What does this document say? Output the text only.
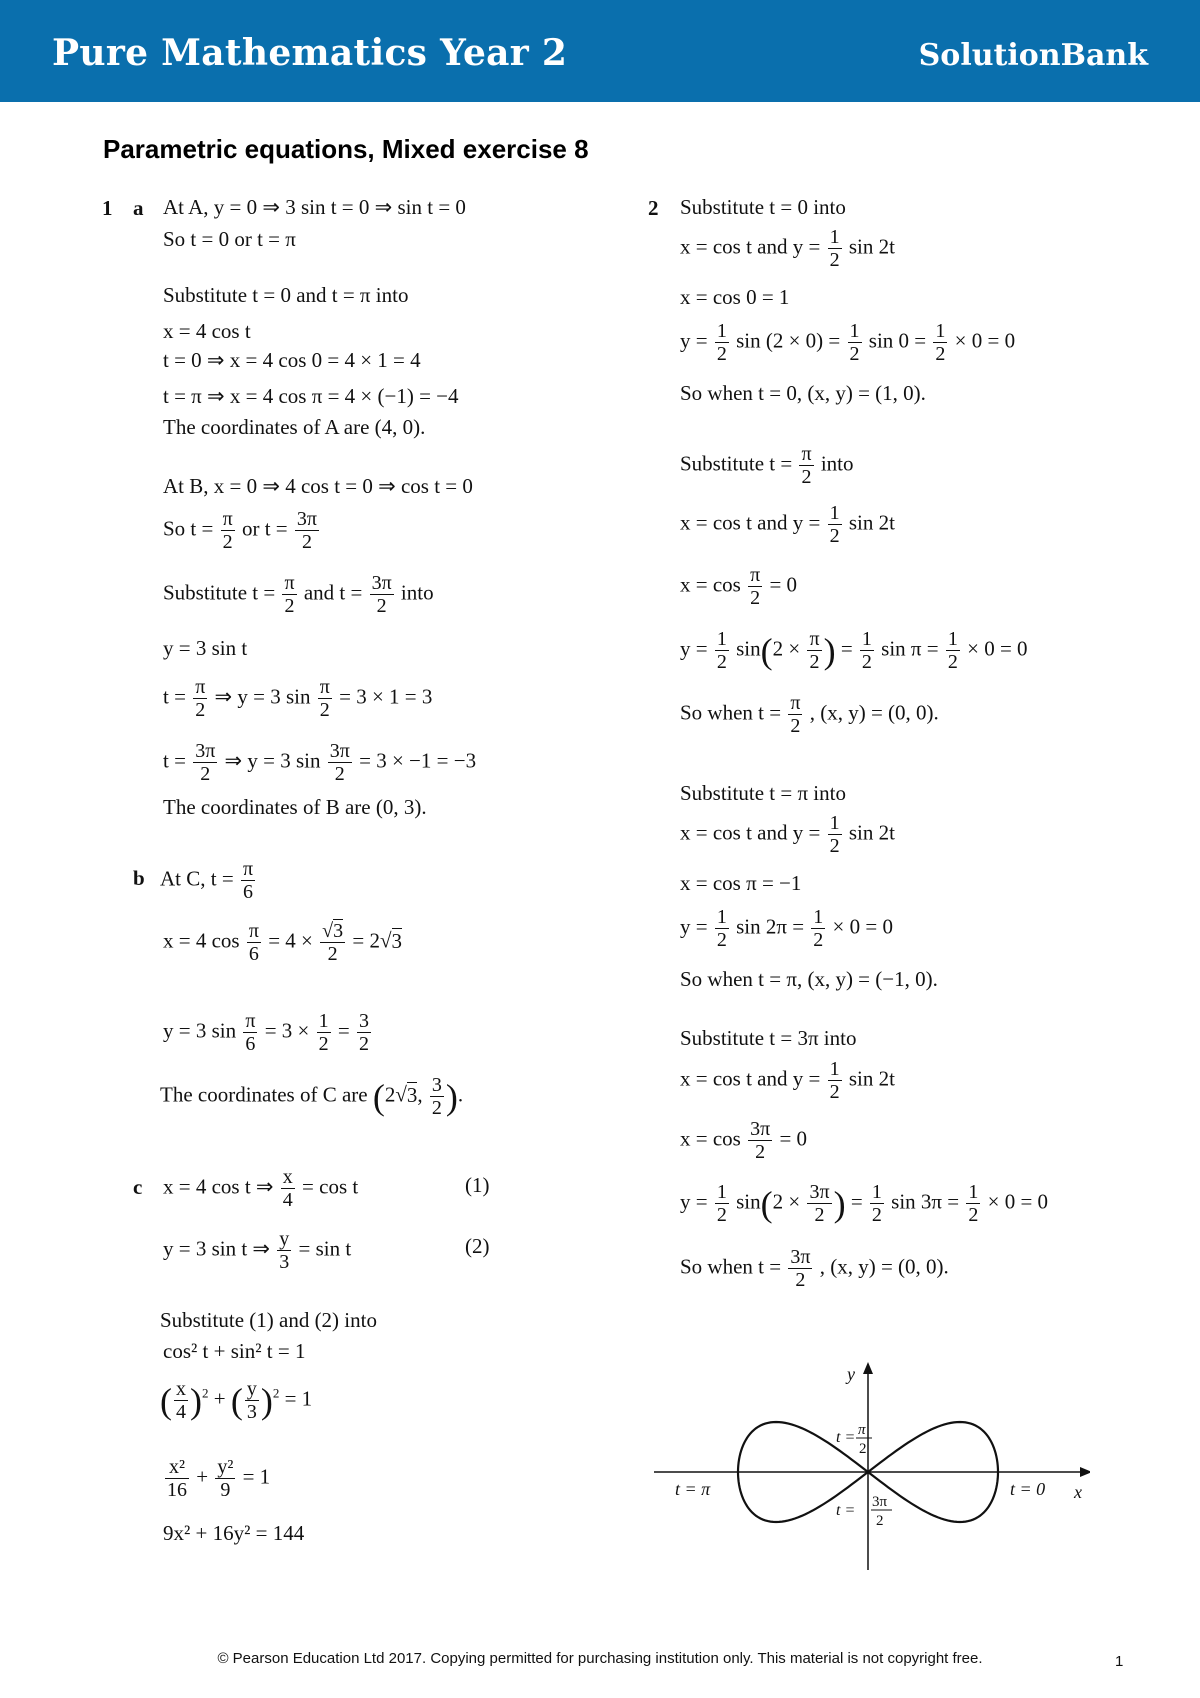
Pure Mathematics Year 2	SolutionBank
Parametric equations, Mixed exercise 8
1 a At A, y = 0 ⇒ 3 sin t = 0 ⇒ sin t = 0
So t = 0 or t = π
Substitute t = 0 and t = π into
x = 4 cos t
t = 0 ⇒ x = 4 cos 0 = 4 × 1 = 4
t = π ⇒ x = 4 cos π = 4 × (−1) = −4
The coordinates of A are (4, 0).
At B, x = 0 ⇒ 4 cos t = 0 ⇒ cos t = 0
So $t = \frac{\pi}{2}$ or $t = \frac{3\pi}{2}$
Substitute $t = \frac{\pi}{2}$ and $t = \frac{3\pi}{2}$ into
y = 3 sin t
$t = \frac{\pi}{2}$ ⇒ y = 3 $\sin \frac{\pi}{2} = 3 \times 1 = 3$
$t = \frac{3\pi}{2}$ ⇒ y = 3 $\sin \frac{3\pi}{2} = 3 \times -1 = -3$
The coordinates of B are (0, 3).
b At C, $t = \frac{\pi}{6}$
x = 4 $\cos \frac{\pi}{6} = 4 \times \frac{√3}{2} = 2√3$
y = 3 $\sin \frac{\pi}{6} = 3 \times \frac{1}{2} = \frac{3}{2}$
The coordinates of C are (2√3, $\frac{3}{2}$ ).
c x = 4 cos t ⇒ $\frac{x}{4} = \cos t$	(1)
y = 3 sin t ⇒ $\frac{y}{3} = \sin t$	(2)
Substitute (1) and (2) into
cos² t + sin² t = 1
( $\frac{x}{4} )^2$ + ( $\frac{y}{3} )^2 = 1$
$\frac{\text{x²}}{16} + \frac{\text{y²}}{9} = 1$
9x² + 16y² = 144
2 Substitute t = 0 into
x = cos t and $y = \frac{1}{2}$ sin 2t
x = cos 0 = 1
$y = \frac{1}{2}$ $\sin (2 \times 0) = \frac{1}{2}$ $\sin 0 = \frac{1}{2} \times 0 = 0$
So when t = 0, (x, y) = (1, 0).
Substitute $t = \frac{\pi}{2}$ into
x = cos t and $y = \frac{1}{2}$ sin 2t
$x = \cos \frac{\pi}{2} = 0$
$y = \frac{1}{2} \sin(2 \times \frac{\pi}{2}$ ) = $\frac{1}{2}$ $\sin \pi = \frac{1}{2} \times 0 = 0$
So when $t = \frac{\pi}{2}$ , (x, y) = (0, 0).
Substitute t = π into
x = cos t and $y = \frac{1}{2}$ sin 2t
x = cos π = −1
$y = \frac{1}{2}$ $\sin 2\pi = \frac{1}{2} \times 0 = 0$
So when t = π, (x, y) = (−1, 0).
Substitute t = 3π into
x = cos t and $y = \frac{1}{2}$ sin 2t
$x = \cos \frac{3\pi}{2} = 0$
$y = \frac{1}{2} \sin(2 \times \frac{3\pi}{2}$ ) = $\frac{1}{2}$ $\sin 3\pi = \frac{1}{2} \times 0 = 0$
So when $t = \frac{3\pi}{2}$ , (x, y) = (0, 0).
y
x
t = π	t = 0
t = π
2
t = 3π
2
© Pearson Education Ltd 2017. Copying permitted for purchasing institution only. This material is not copyright free.	1
